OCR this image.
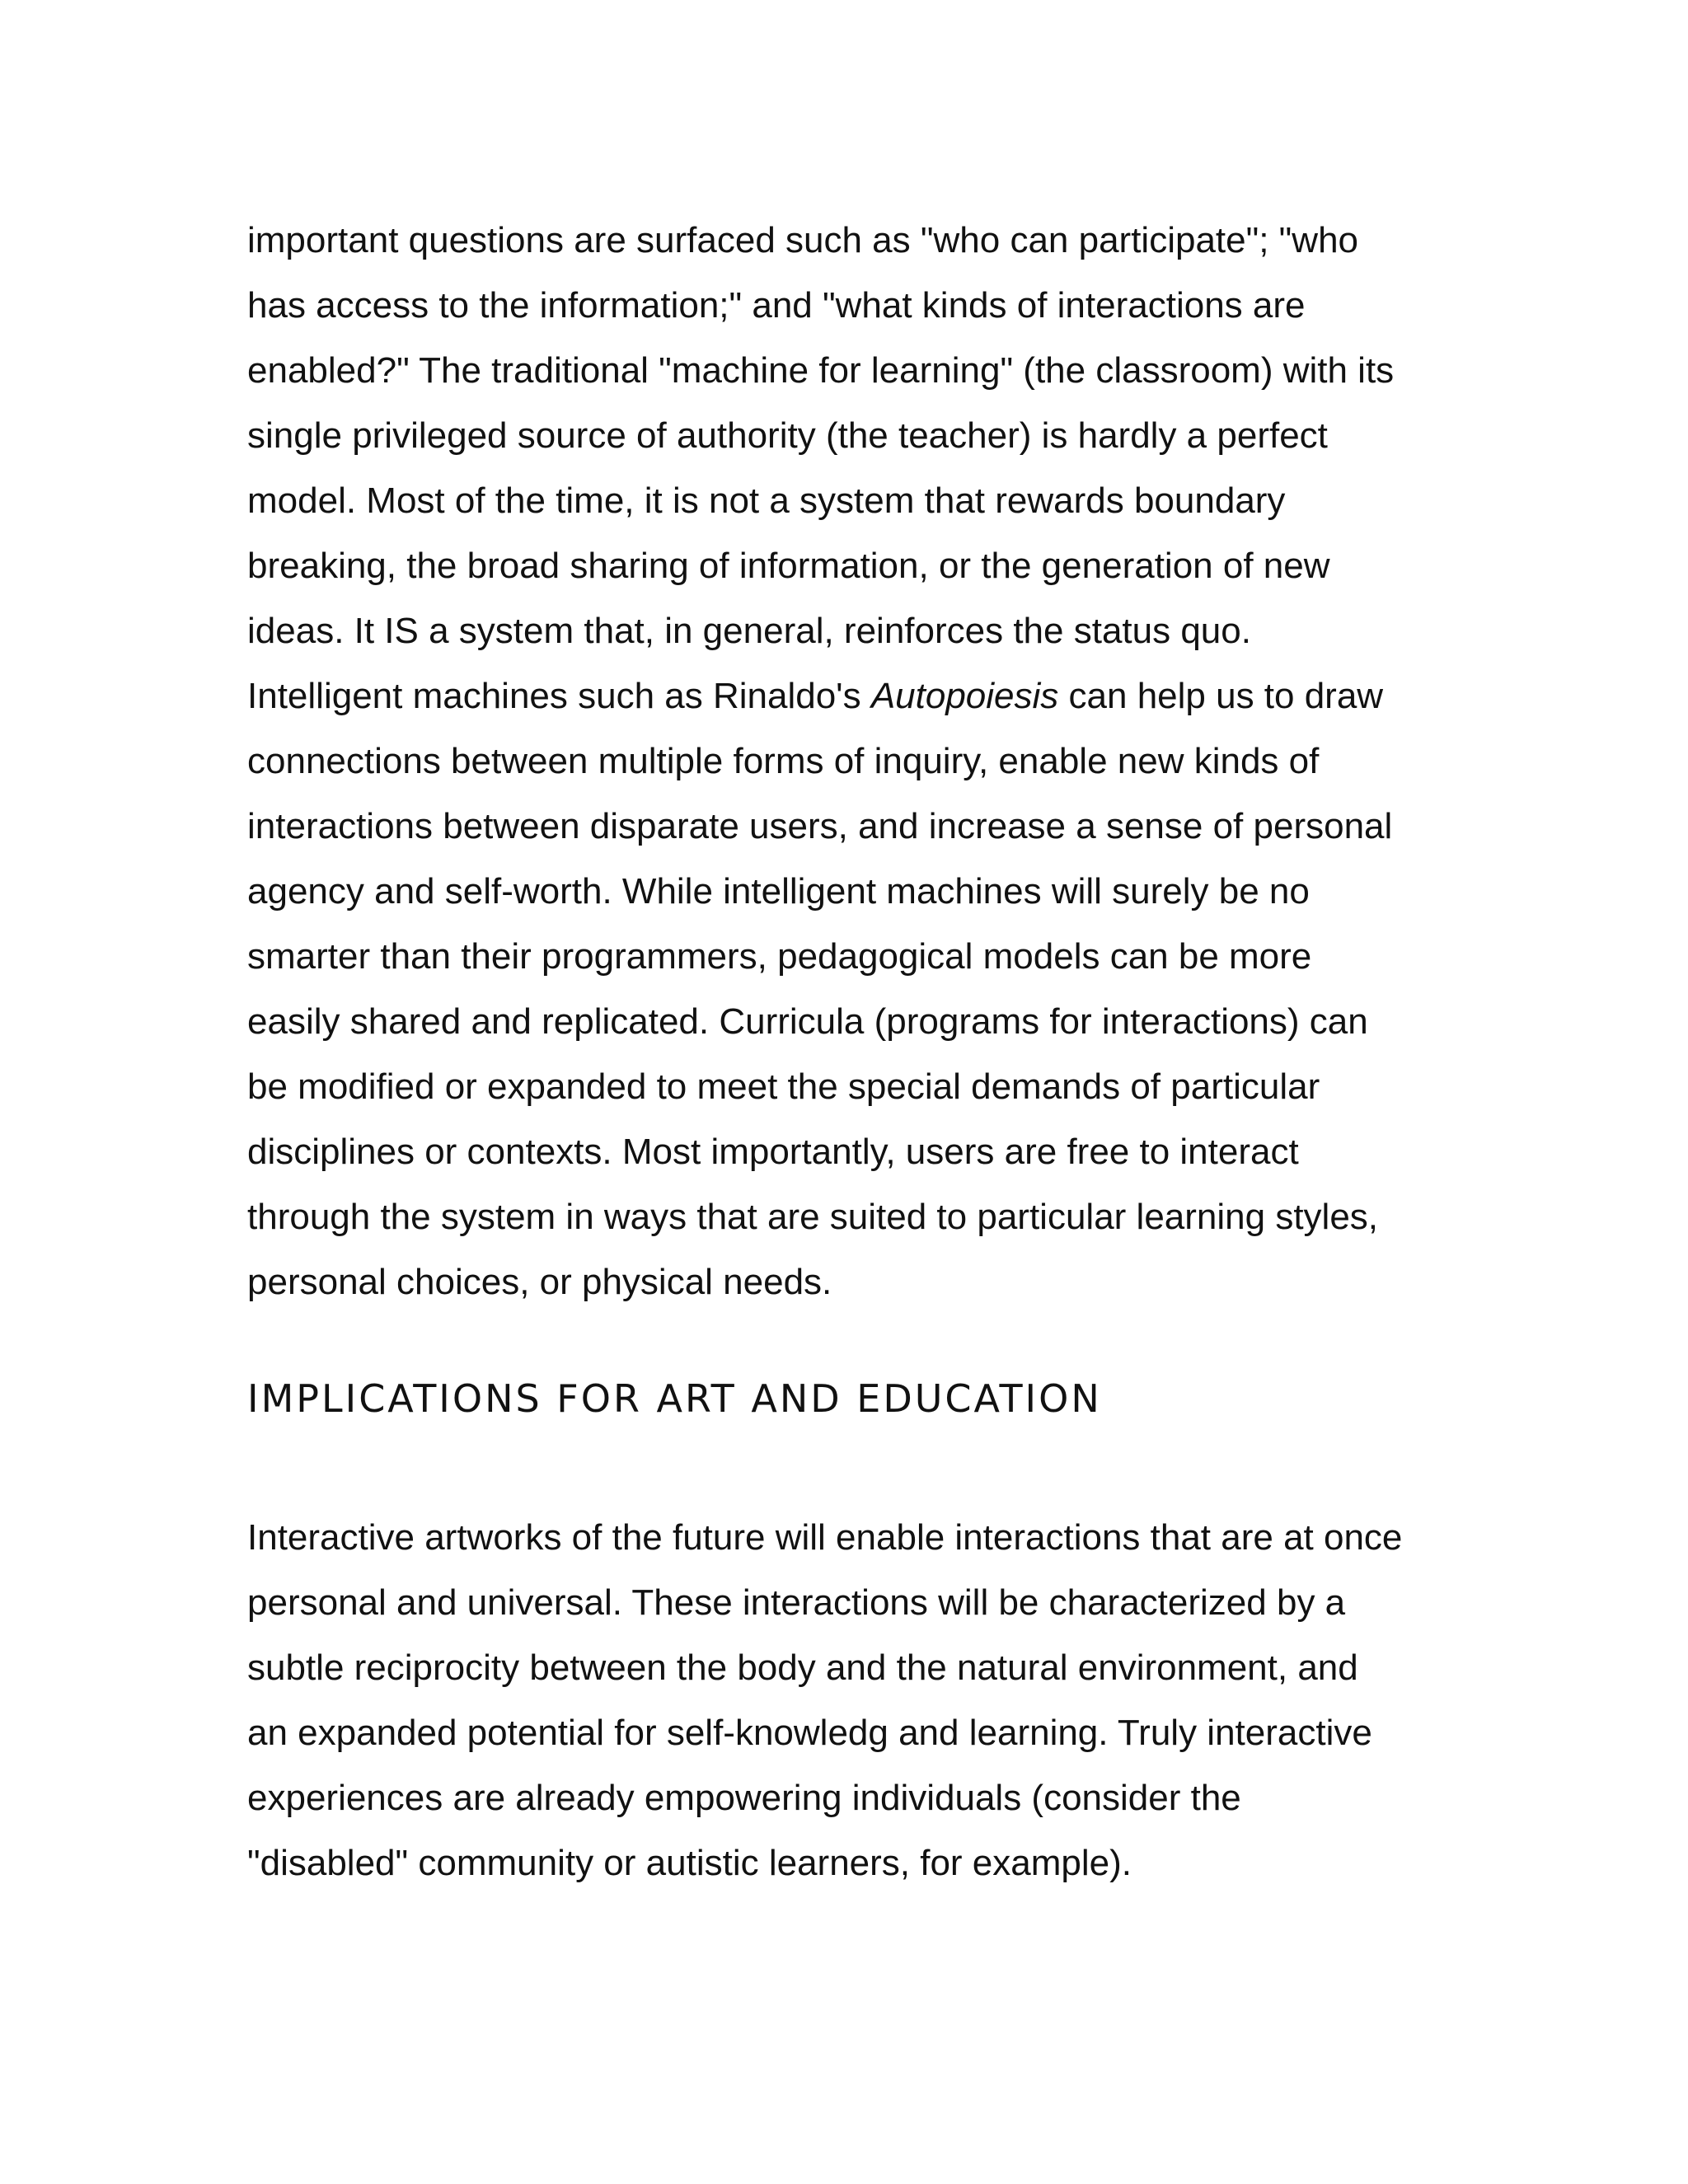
important questions are surfaced such as "who can participate"; "who
has access to the information;" and "what kinds of interactions are
enabled?" The traditional "machine for learning" (the classroom) with its
single privileged source of authority (the teacher) is hardly a perfect
model. Most of the time, it is not a system that rewards boundary
breaking, the broad sharing of information, or the generation of new
ideas. It IS a system that, in general, reinforces the status quo.
Intelligent machines such as Rinaldo's Autopoiesis can help us to draw
connections between multiple forms of inquiry, enable new kinds of
interactions between disparate users, and increase a sense of personal
agency and self-worth. While intelligent machines will surely be no
smarter than their programmers, pedagogical models can be more
easily shared and replicated. Curricula (programs for interactions) can
be modified or expanded to meet the special demands of particular
disciplines or contexts. Most importantly, users are free to interact
through the system in ways that are suited to particular learning styles,
personal choices, or physical needs.
IMPLICATIONS FOR ART AND EDUCATION
Interactive artworks of the future will enable interactions that are at once
personal and universal. These interactions will be characterized by a
subtle reciprocity between the body and the natural environment, and
an expanded potential for self-knowledg and learning. Truly interactive
experiences are already empowering individuals (consider the
"disabled" community or autistic learners, for example).
